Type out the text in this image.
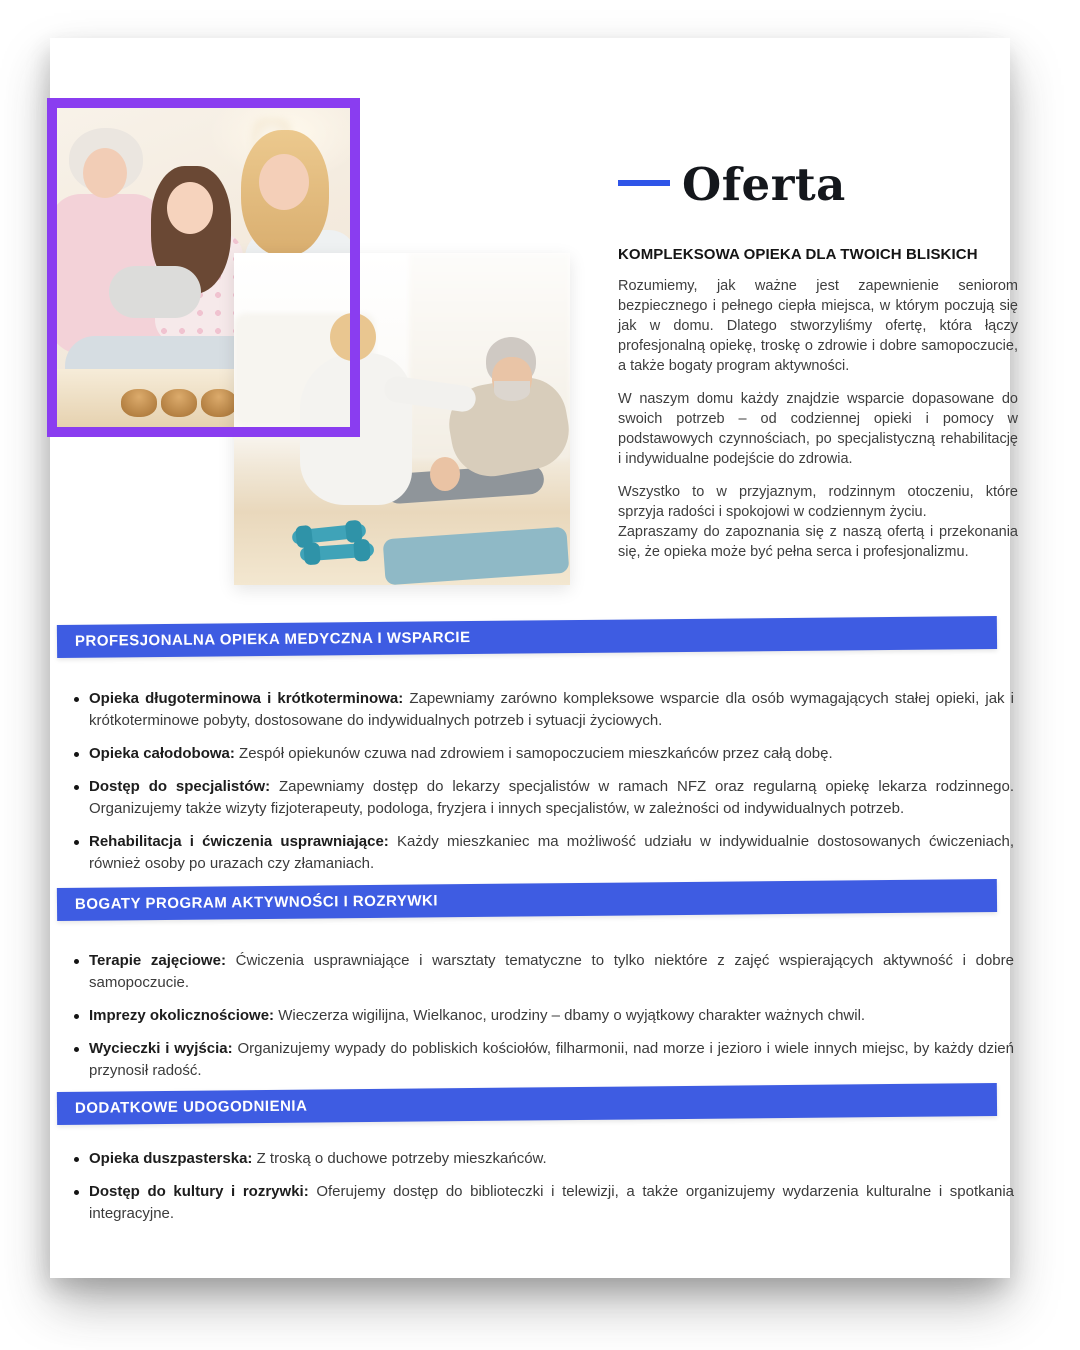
Oferta
KOMPLEKSOWA OPIEKA DLA TWOICH BLISKICH

Rozumiemy, jak ważne jest zapewnienie seniorom bezpiecznego i pełnego ciepła miejsca, w którym poczują się jak w domu. Dlatego stworzyliśmy ofertę, która łączy profesjonalną opiekę, troskę o zdrowie i dobre samopoczucie, a także bogaty program aktywności.

W naszym domu każdy znajdzie wsparcie dopasowane do swoich potrzeb – od codziennej opieki i pomocy w podstawowych czynnościach, po specjalistyczną rehabilitację i indywidualne podejście do zdrowia.

Wszystko to w przyjaznym, rodzinnym otoczeniu, które sprzyja radości i spokojowi w codziennym życiu.

Zapraszamy do zapoznania się z naszą ofertą i przekonania się, że opieka może być pełna serca i profesjonalizmu.

PROFESJONALNA OPIEKA MEDYCZNA I WSPARCIE
Opieka długoterminowa i krótkoterminowa: Zapewniamy zarówno kompleksowe wsparcie dla osób wymagających stałej opieki, jak i krótkoterminowe pobyty, dostosowane do indywidualnych potrzeb i sytuacji życiowych.
Opieka całodobowa: Zespół opiekunów czuwa nad zdrowiem i samopoczuciem mieszkańców przez całą dobę.
Dostęp do specjalistów: Zapewniamy dostęp do lekarzy specjalistów w ramach NFZ oraz regularną opiekę lekarza rodzinnego. Organizujemy także wizyty fizjoterapeuty, podologa, fryzjera i innych specjalistów, w zależności od indywidualnych potrzeb.
Rehabilitacja i ćwiczenia usprawniające: Każdy mieszkaniec ma możliwość udziału w indywidualnie dostosowanych ćwiczeniach, również osoby po urazach czy złamaniach.
BOGATY PROGRAM AKTYWNOŚCI I ROZRYWKI
Terapie zajęciowe: Ćwiczenia usprawniające i warsztaty tematyczne to tylko niektóre z zajęć wspierających aktywność i dobre samopoczucie.
Imprezy okolicznościowe: Wieczerza wigilijna, Wielkanoc, urodziny – dbamy o wyjątkowy charakter ważnych chwil.
Wycieczki i wyjścia: Organizujemy wypady do pobliskich kościołów, filharmonii, nad morze i jezioro i wiele innych miejsc, by każdy dzień przynosił radość.
DODATKOWE UDOGODNIENIA
Opieka duszpasterska: Z troską o duchowe potrzeby mieszkańców.
Dostęp do kultury i rozrywki: Oferujemy dostęp do biblioteczki i telewizji, a także organizujemy wydarzenia kulturalne i spotkania integracyjne.
